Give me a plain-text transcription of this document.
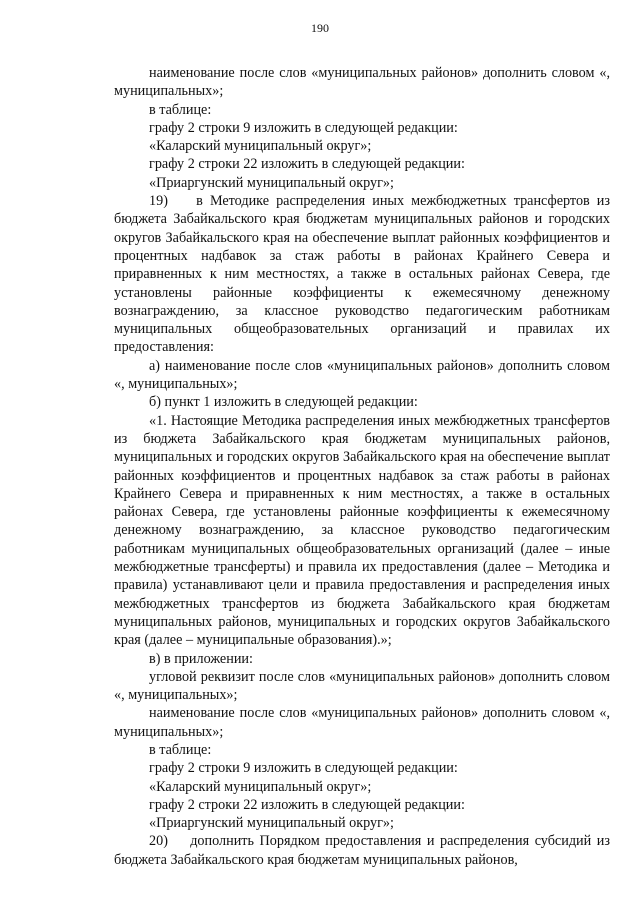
190

наименование после слов «муниципальных районов» дополнить словом «, муниципальных»;

в таблице:

графу 2 строки 9 изложить в следующей редакции:

«Каларский муниципальный округ»;

графу 2 строки 22 изложить в следующей редакции:

«Приаргунский муниципальный округ»;

19)    в Методике распределения иных межбюджетных трансфертов из бюджета Забайкальского края бюджетам муниципальных районов и городских округов Забайкальского края на обеспечение выплат районных коэффициентов и процентных надбавок за стаж работы в районах Крайнего Севера и приравненных к ним местностях, а также в остальных районах Севера, где установлены районные коэффициенты к ежемесячному денежному вознаграждению, за классное руководство педагогическим работникам муниципальных общеобразовательных организаций и правилах их предоставления:

а) наименование после слов «муниципальных районов» дополнить словом «, муниципальных»;

б) пункт 1 изложить в следующей редакции:

«1. Настоящие Методика распределения иных межбюджетных трансфертов из бюджета Забайкальского края бюджетам муниципальных районов, муниципальных и городских округов Забайкальского края на обеспечение выплат районных коэффициентов и процентных надбавок за стаж работы в районах Крайнего Севера и приравненных к ним местностях, а также в остальных районах Севера, где установлены районные коэффициенты к ежемесячному денежному вознаграждению, за классное руководство педагогическим работникам муниципальных общеобразовательных организаций (далее – иные межбюджетные трансферты) и правила их предоставления (далее – Методика и правила) устанавливают цели и правила предоставления и распределения иных межбюджетных трансфертов из бюджета Забайкальского края бюджетам муниципальных районов, муниципальных и городских округов Забайкальского края (далее – муниципальные образования).»;

в) в приложении:

угловой реквизит после слов «муниципальных районов» дополнить словом «, муниципальных»;

наименование после слов «муниципальных районов» дополнить словом «, муниципальных»;

в таблице:

графу 2 строки 9 изложить в следующей редакции:

«Каларский муниципальный округ»;

графу 2 строки 22 изложить в следующей редакции:

«Приаргунский муниципальный округ»;

20)    дополнить Порядком предоставления и распределения субсидий из бюджета Забайкальского края бюджетам муниципальных районов,
